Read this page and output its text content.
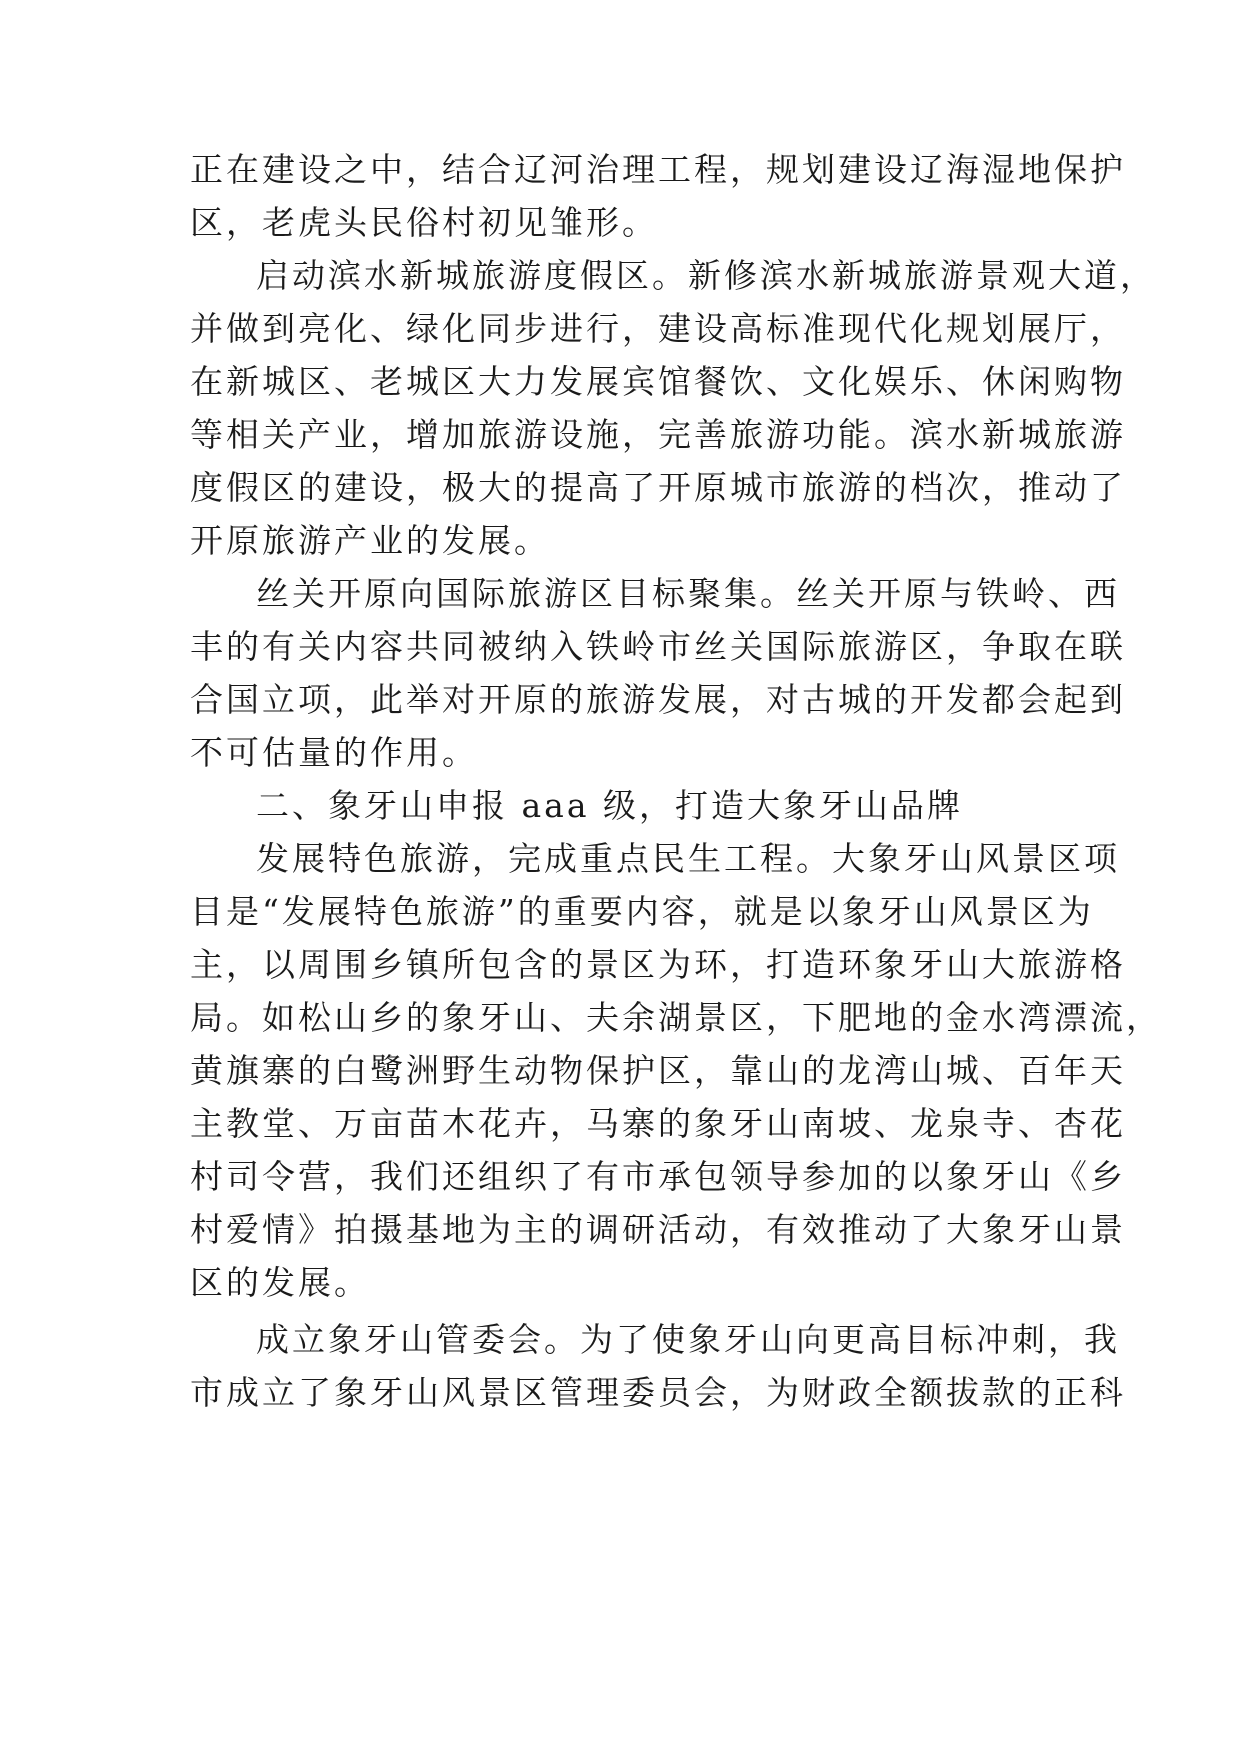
正在建设之中，结合辽河治理工程，规划建设辽海湿地保护
区，老虎头民俗村初见雏形。
启动滨水新城旅游度假区。新修滨水新城旅游景观大道，
并做到亮化、绿化同步进行，建设高标准现代化规划展厅，
在新城区、老城区大力发展宾馆餐饮、文化娱乐、休闲购物
等相关产业，增加旅游设施，完善旅游功能。滨水新城旅游
度假区的建设，极大的提高了开原城市旅游的档次，推动了
开原旅游产业的发展。
丝关开原向国际旅游区目标聚集。丝关开原与铁岭、西
丰的有关内容共同被纳入铁岭市丝关国际旅游区，争取在联
合国立项，此举对开原的旅游发展，对古城的开发都会起到
不可估量的作用。
二、象牙山申报 aaa 级，打造大象牙山品牌
发展特色旅游，完成重点民生工程。大象牙山风景区项
目是“发展特色旅游”的重要内容，就是以象牙山风景区为
主，以周围乡镇所包含的景区为环，打造环象牙山大旅游格
局。如松山乡的象牙山、夫余湖景区，下肥地的金水湾漂流，
黄旗寨的白鹭洲野生动物保护区，靠山的龙湾山城、百年天
主教堂、万亩苗木花卉，马寨的象牙山南坡、龙泉寺、杏花
村司令营，我们还组织了有市承包领导参加的以象牙山《乡
村爱情》拍摄基地为主的调研活动，有效推动了大象牙山景
区的发展。
成立象牙山管委会。为了使象牙山向更高目标冲刺，我
市成立了象牙山风景区管理委员会，为财政全额拔款的正科
